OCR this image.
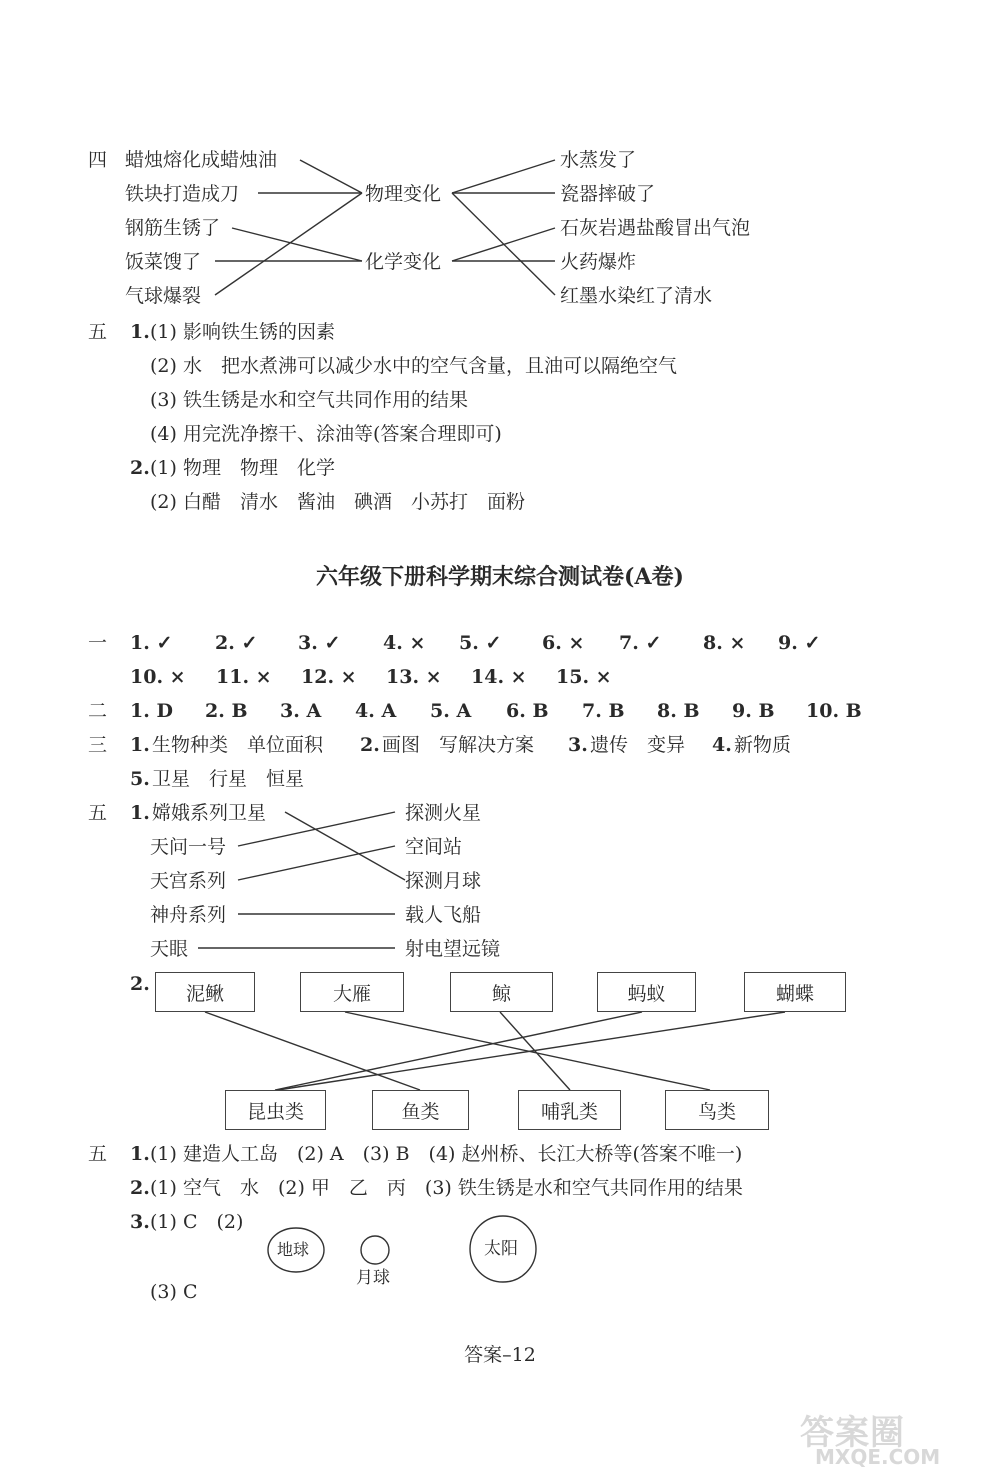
四 蜡烛熔化成蜡烛油
铁块打造成刀
钢筋生锈了
饭菜馊了
气球爆裂
物理变化
化学变化
水蒸发了
瓷器摔破了
石灰岩遇盐酸冒出气泡
火药爆炸
红墨水染红了清水
五 1. (1) 影响铁生锈的因素
(2) 水　把水煮沸可以减少水中的空气含量，且油可以隔绝空气
(3) 铁生锈是水和空气共同作用的结果
(4) 用完洗净擦干、涂油等(答案合理即可)
2. (1) 物理　物理　化学
(2) 白醋　清水　酱油　碘酒　小苏打　面粉
六年级下册科学期末综合测试卷(A卷)
一 1. ✓ 2. ✓ 3. ✓ 4. × 5. ✓ 6. × 7. ✓ 8. × 9. ✓
10. × 11. × 12. × 13. × 14. × 15. ×
二 1. D 2. B 3. A 4. A 5. A 6. B 7. B 8. B 9. B 10. B
三 1. 生物种类　单位面积 2. 画图　写解决方案 3. 遗传　变异 4. 新物质
5. 卫星　行星　恒星
五 1. 嫦娥系列卫星
天问一号
天宫系列
神舟系列
天眼
探测火星
空间站
探测月球
载人飞船
射电望远镜
2.	泥鳅	大雁	鲸	蚂蚁	蝴蝶
昆虫类	鱼类	哺乳类	鸟类
五 1. (1) 建造人工岛　(2) A　(3) B　(4) 赵州桥、长江大桥等(答案不唯一)
2. (1) 空气　水　(2) 甲　乙　丙　(3) 铁生锈是水和空气共同作用的结果
3. (1) C　(2)
地球
月球
太阳
(3) C
答案–12
答案圈
MXQE.COM
